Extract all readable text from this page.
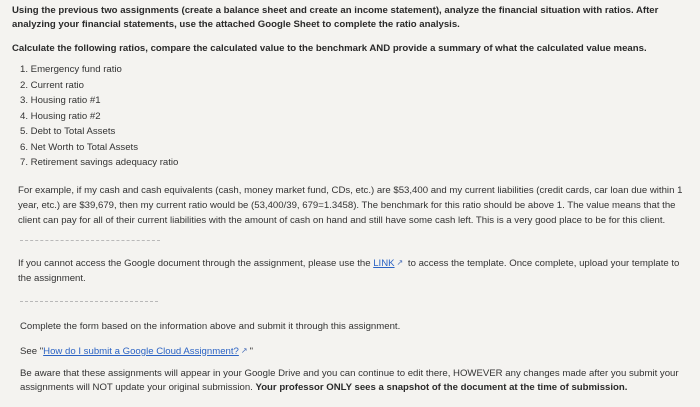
Using the previous two assignments (create a balance sheet and create an income statement), analyze the financial situation with ratios. After analyzing your financial statements, use the attached Google Sheet to complete the ratio analysis.

Calculate the following ratios, compare the calculated value to the benchmark AND provide a summary of what the calculated value means.

1. Emergency fund ratio
2. Current ratio
3. Housing ratio #1
4. Housing ratio #2
5. Debt to Total Assets
6. Net Worth to Total Assets
7. Retirement savings adequacy ratio

For example, if my cash and cash equivalents (cash, money market fund, CDs, etc.) are $53,400 and my current liabilities (credit cards, car loan due within 1 year, etc.) are $39,679, then my current ratio would be (53,400/39, 679=1.3458). The benchmark for this ratio should be above 1. The value means that the client can pay for all of their current liabilities with the amount of cash on hand and still have some cash left. This is a very good place to be for this client.

If you cannot access the Google document through the assignment, please use the LINK ↗ to access the template. Once complete, upload your template to the assignment.

Complete the form based on the information above and submit it through this assignment.

See "How do I submit a Google Cloud Assignment? ↗ "

Be aware that these assignments will appear in your Google Drive and you can continue to edit there, HOWEVER any changes made after you submit your assignments will NOT update your original submission. Your professor ONLY sees a snapshot of the document at the time of submission.
